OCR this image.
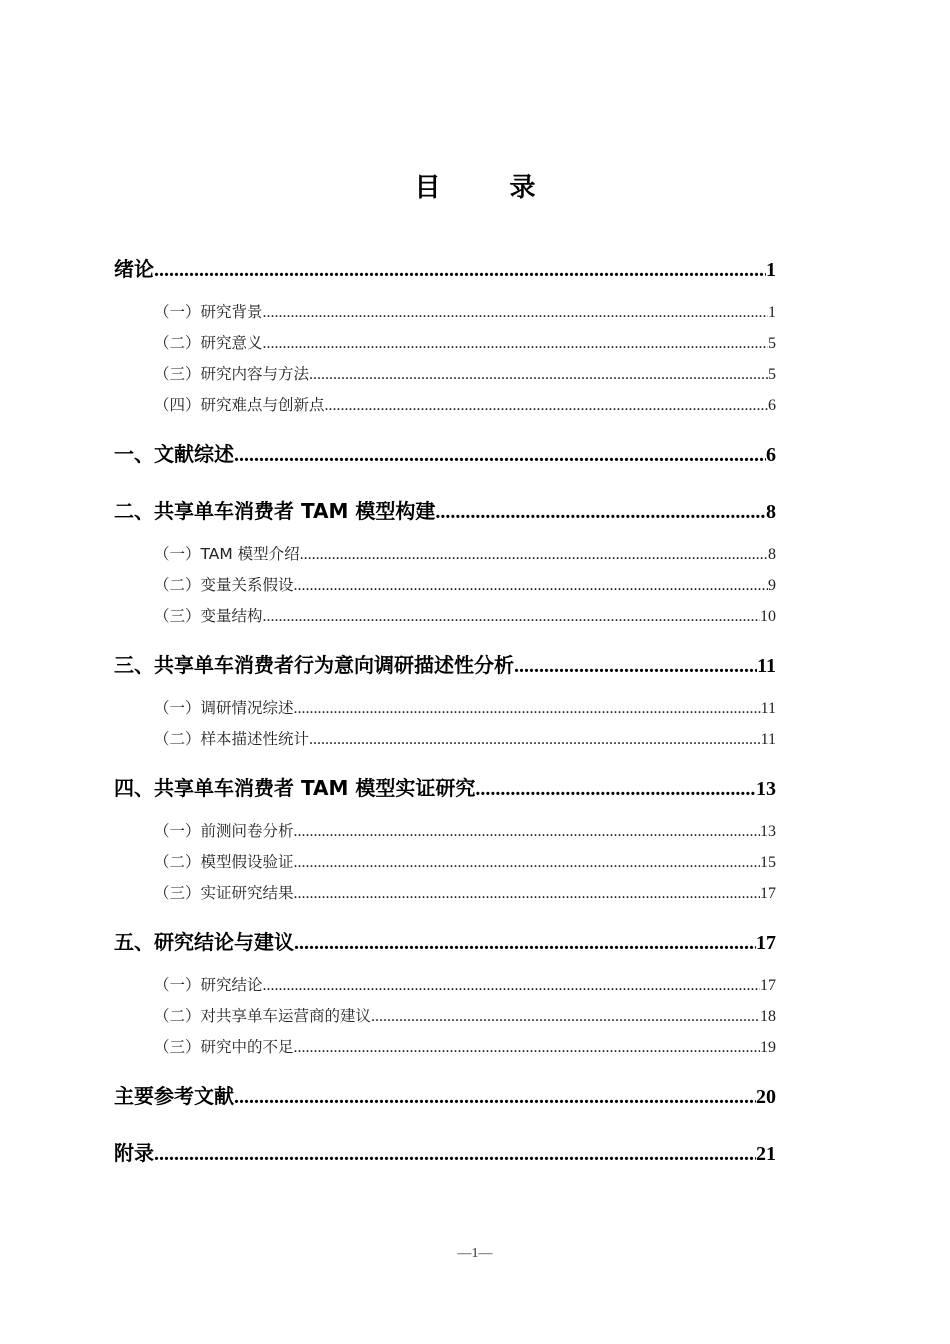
目 录
绪论 .....	1
（一）研究背景 .....	1
（二）研究意义 .....	5
（三）研究内容与方法 .....	5
（四）研究难点与创新点 .....	6
一、文献综述 .....	6
二、共享单车消费者 TAM 模型构建 .....	8
（一）TAM 模型介绍 .....	8
（二）变量关系假设 .....	9
（三）变量结构 .....	10
三、共享单车消费者行为意向调研描述性分析 .....	11
（一）调研情况综述 .....	11
（二）样本描述性统计 .....	11
四、共享单车消费者 TAM 模型实证研究 .....	13
（一）前测问卷分析 .....	13
（二）模型假设验证 .....	15
（三）实证研究结果 .....	17
五、研究结论与建议 .....	17
（一）研究结论 .....	17
（二）对共享单车运营商的建议 .....	18
（三）研究中的不足 .....	19
主要参考文献 .....	20
附录 .....	21
—1—
